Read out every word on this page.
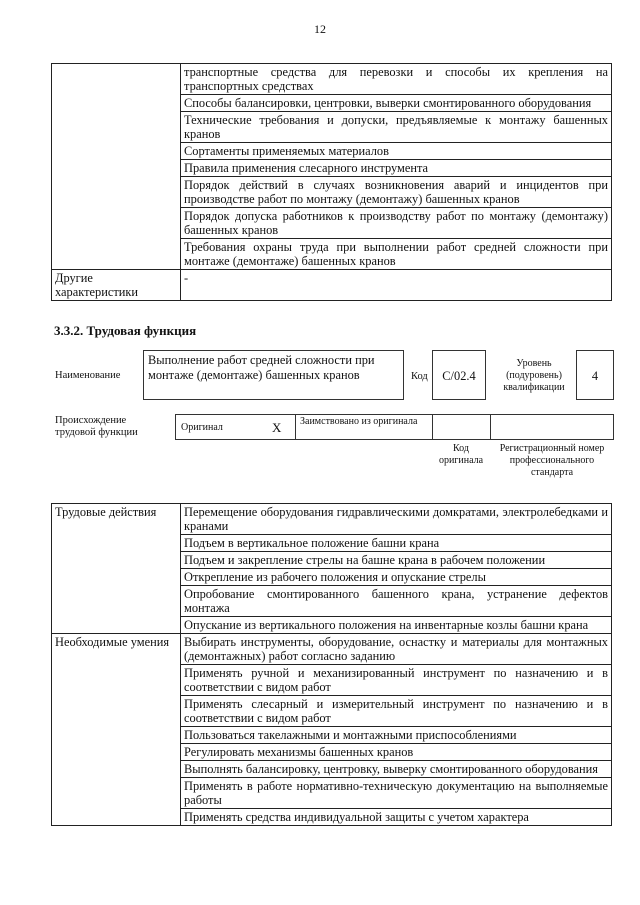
12
	транспортные средства для перевозки и способы их крепления на транспортных средствах
	Способы балансировки, центровки, выверки смонтированного оборудования
	Технические требования и допуски, предъявляемые к монтажу башенных кранов
	Сортаменты применяемых материалов
	Правила применения слесарного инструмента
	Порядок действий в случаях возникновения аварий и инцидентов при производстве работ по монтажу (демонтажу) башенных кранов
	Порядок допуска работников к производству работ по монтажу (демонтажу) башенных кранов
	Требования охраны труда при выполнении работ средней сложности при монтаже (демонтаже) башенных кранов
Другие характеристики	-
3.3.2. Трудовая функция
Наименование
Выполнение работ средней сложности при монтаже (демонтаже) башенных кранов	Код	C/02.4
Уровень (подуровень) квалификации
4
Происхождение трудовой функции	Оригинал	X Заимствовано из оригинала
Код оригинала
Регистрационный номер профессионального стандарта
Трудовые действия	Перемещение оборудования гидравлическими домкратами, электролебедками и кранами
	Подъем в вертикальное положение башни крана
	Подъем и закрепление стрелы на башне крана в рабочем положении
	Открепление из рабочего положения и опускание стрелы
	Опробование смонтированного башенного крана, устранение дефектов монтажа
	Опускание из вертикального положения на инвентарные козлы башни крана
Необходимые умения	Выбирать инструменты, оборудование, оснастку и материалы для монтажных (демонтажных) работ согласно заданию
	Применять ручной и механизированный инструмент по назначению и в соответствии с видом работ
	Применять слесарный и измерительный инструмент по назначению и в соответствии с видом работ
	Пользоваться такелажными и монтажными приспособлениями
	Регулировать механизмы башенных кранов
	Выполнять балансировку, центровку, выверку смонтированного оборудования
	Применять в работе нормативно-техническую документацию на выполняемые работы
	Применять средства индивидуальной защиты с учетом характера
